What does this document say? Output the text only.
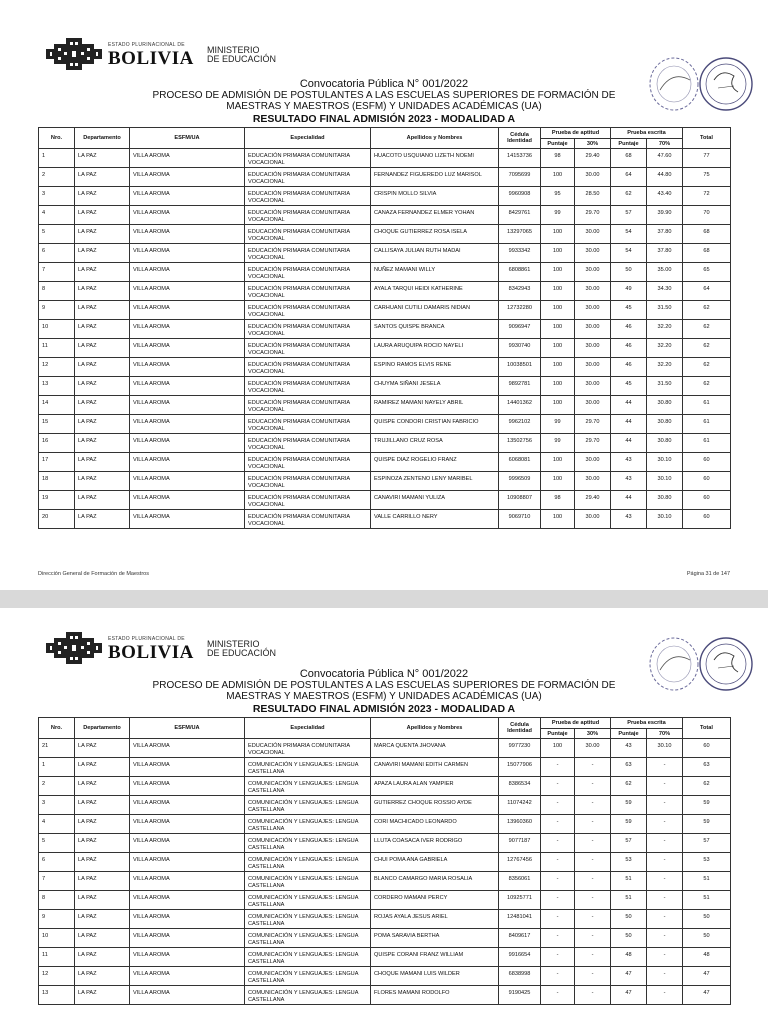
ESTADO PLURINACIONAL DE
BOLIVIA MINISTERIO
DE EDUCACIÓN
Convocatoria Pública N° 001/2022
PROCESO DE ADMISIÓN DE POSTULANTES A LAS ESCUELAS SUPERIORES DE FORMACIÓN DE
MAESTRAS Y MAESTROS (ESFM) Y UNIDADES ACADÉMICAS (UA)
RESULTADO FINAL ADMISIÓN 2023 - MODALIDAD A
Nro.	Departamento	ESFM/UA	Especialidad	Apellidos y Nombres	Cédula Identidad	Prueba de aptitud		Prueba escrita		Total
						Puntaje	30%	Puntaje	70%	
1	LA PAZ	VILLA AROMA	EDUCACIÓN PRIMARIA COMUNITARIA VOCACIONAL	HUACOTO USQUIANO LIZETH NOEMI	14153736	98	29.40	68	47.60	77
2	LA PAZ	VILLA AROMA	EDUCACIÓN PRIMARIA COMUNITARIA VOCACIONAL	FERNANDEZ FIGUEREDO LUZ MARISOL	7095699	100	30.00	64	44.80	75
3	LA PAZ	VILLA AROMA	EDUCACIÓN PRIMARIA COMUNITARIA VOCACIONAL	CRISPIN MOLLO SILVIA	9960908	95	28.50	62	43.40	72
4	LA PAZ	VILLA AROMA	EDUCACIÓN PRIMARIA COMUNITARIA VOCACIONAL	CANAZA FERNANDEZ ELMER YOHAN	8429761	99	29.70	57	39.90	70
5	LA PAZ	VILLA AROMA	EDUCACIÓN PRIMARIA COMUNITARIA VOCACIONAL	CHOQUE GUTIERREZ ROSA ISELA	13297065	100	30.00	54	37.80	68
6	LA PAZ	VILLA AROMA	EDUCACIÓN PRIMARIA COMUNITARIA VOCACIONAL	CALLISAYA JULIAN RUTH MADAI	9933342	100	30.00	54	37.80	68
7	LA PAZ	VILLA AROMA	EDUCACIÓN PRIMARIA COMUNITARIA VOCACIONAL	NUÑEZ MAMANI WILLY	6808861	100	30.00	50	35.00	65
8	LA PAZ	VILLA AROMA	EDUCACIÓN PRIMARIA COMUNITARIA VOCACIONAL	AYALA TARQUI HEIDI KATHERINE	8342943	100	30.00	49	34.30	64
9	LA PAZ	VILLA AROMA	EDUCACIÓN PRIMARIA COMUNITARIA VOCACIONAL	CARHUANI CUTILI DAMARIS NIDIAN	12732280	100	30.00	45	31.50	62
10	LA PAZ	VILLA AROMA	EDUCACIÓN PRIMARIA COMUNITARIA VOCACIONAL	SANTOS QUISPE BRANCA	9096947	100	30.00	46	32.20	62
11	LA PAZ	VILLA AROMA	EDUCACIÓN PRIMARIA COMUNITARIA VOCACIONAL	LAURA ARUQUIPA ROCIO NAYELI	9930740	100	30.00	46	32.20	62
12	LA PAZ	VILLA AROMA	EDUCACIÓN PRIMARIA COMUNITARIA VOCACIONAL	ESPINO RAMOS ELVIS RENE	10038501	100	30.00	46	32.20	62
13	LA PAZ	VILLA AROMA	EDUCACIÓN PRIMARIA COMUNITARIA VOCACIONAL	CHUYMA SIÑANI JESELA	9892781	100	30.00	45	31.50	62
14	LA PAZ	VILLA AROMA	EDUCACIÓN PRIMARIA COMUNITARIA VOCACIONAL	RAMIREZ MAMANI NAYELY ABRIL	14401362	100	30.00	44	30.80	61
15	LA PAZ	VILLA AROMA	EDUCACIÓN PRIMARIA COMUNITARIA VOCACIONAL	QUISPE CONDORI CRISTIAN FABRICIO	9962102	99	29.70	44	30.80	61
16	LA PAZ	VILLA AROMA	EDUCACIÓN PRIMARIA COMUNITARIA VOCACIONAL	TRUJILLANO CRUZ ROSA	13502756	99	29.70	44	30.80	61
17	LA PAZ	VILLA AROMA	EDUCACIÓN PRIMARIA COMUNITARIA VOCACIONAL	QUISPE DIAZ ROGELIO FRANZ	6068081	100	30.00	43	30.10	60
18	LA PAZ	VILLA AROMA	EDUCACIÓN PRIMARIA COMUNITARIA VOCACIONAL	ESPINOZA ZENTENO LENY MARIBEL	9996509	100	30.00	43	30.10	60
19	LA PAZ	VILLA AROMA	EDUCACIÓN PRIMARIA COMUNITARIA VOCACIONAL	CANAVIRI MAMANI YULIZA	10908807	98	29.40	44	30.80	60
20	LA PAZ	VILLA AROMA	EDUCACIÓN PRIMARIA COMUNITARIA VOCACIONAL	VALLE CARRILLO NERY	9069710	100	30.00	43	30.10	60
Dirección General de Formación de Maestros	Página 31 de 147
ESTADO PLURINACIONAL DE
BOLIVIA MINISTERIO
DE EDUCACIÓN
Convocatoria Pública N° 001/2022
PROCESO DE ADMISIÓN DE POSTULANTES A LAS ESCUELAS SUPERIORES DE FORMACIÓN DE
MAESTRAS Y MAESTROS (ESFM) Y UNIDADES ACADÉMICAS (UA)
RESULTADO FINAL ADMISIÓN 2023 - MODALIDAD A
Nro.	Departamento	ESFM/UA	Especialidad	Apellidos y Nombres	Cédula Identidad	Prueba de aptitud		Prueba escrita		Total
						Puntaje	30%	Puntaje	70%	
21	LA PAZ	VILLA AROMA	EDUCACIÓN PRIMARIA COMUNITARIA VOCACIONAL	MARCA QUENTA JHOVANA	9977230	100	30.00	43	30.10	60
1	LA PAZ	VILLA AROMA	COMUNICACIÓN Y LENGUAJES: LENGUA CASTELLANA	CANAVIRI MAMANI EDITH CARMEN	15077906	-	-	63	-	63
2	LA PAZ	VILLA AROMA	COMUNICACIÓN Y LENGUAJES: LENGUA CASTELLANA	APAZA LAURA ALAN YAMPIER	8386534	-	-	62	-	62
3	LA PAZ	VILLA AROMA	COMUNICACIÓN Y LENGUAJES: LENGUA CASTELLANA	GUTIERREZ CHOQUE ROSSIO AYDE	11074242	-	-	59	-	59
4	LA PAZ	VILLA AROMA	COMUNICACIÓN Y LENGUAJES: LENGUA CASTELLANA	CORI MACHICADO LEONARDO	13960360	-	-	59	-	59
5	LA PAZ	VILLA AROMA	COMUNICACIÓN Y LENGUAJES: LENGUA CASTELLANA	LLUTA COASACA IVER RODRIGO	9077187	-	-	57	-	57
6	LA PAZ	VILLA AROMA	COMUNICACIÓN Y LENGUAJES: LENGUA CASTELLANA	CHUI POMA ANA GABRIELA	12767456	-	-	53	-	53
7	LA PAZ	VILLA AROMA	COMUNICACIÓN Y LENGUAJES: LENGUA CASTELLANA	BLANCO CAMARGO MARIA ROSALIA	8356061	-	-	51	-	51
8	LA PAZ	VILLA AROMA	COMUNICACIÓN Y LENGUAJES: LENGUA CASTELLANA	CORDERO MAMANI PERCY	10925771	-	-	51	-	51
9	LA PAZ	VILLA AROMA	COMUNICACIÓN Y LENGUAJES: LENGUA CASTELLANA	ROJAS AYALA JESUS ARIEL	12481041	-	-	50	-	50
10	LA PAZ	VILLA AROMA	COMUNICACIÓN Y LENGUAJES: LENGUA CASTELLANA	POMA SARAVIA BERTHA	8409617	-	-	50	-	50
11	LA PAZ	VILLA AROMA	COMUNICACIÓN Y LENGUAJES: LENGUA CASTELLANA	QUISPE CORANI FRANZ WILLIAM	9916654	-	-	48	-	48
12	LA PAZ	VILLA AROMA	COMUNICACIÓN Y LENGUAJES: LENGUA CASTELLANA	CHOQUE MAMANI LUIS WILDER	6838998	-	-	47	-	47
13	LA PAZ	VILLA AROMA	COMUNICACIÓN Y LENGUAJES: LENGUA CASTELLANA	FLORES MAMANI RODOLFO	9190425	-	-	47	-	47
